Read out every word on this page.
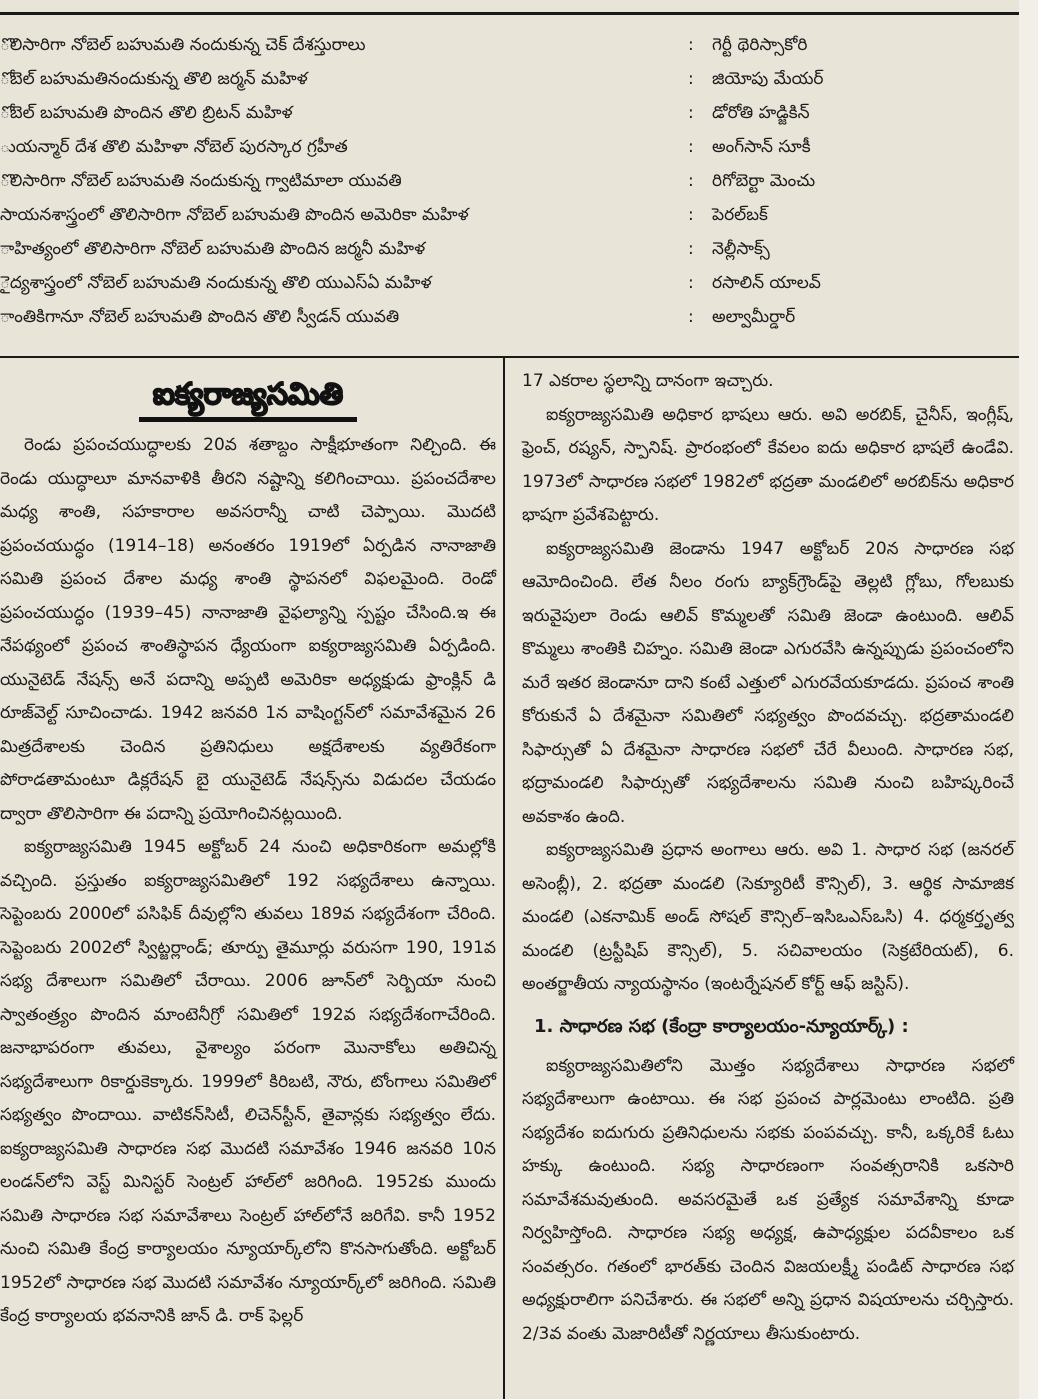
ొలిసారిగా నోబెల్ బహుమతి నందుకున్న చెక్ దేశస్తురాలు	: గెర్టీ థెరిస్సాకోరి
ోబెల్ బహుమతినందుకున్న తొలి జర్మన్ మహిళ	: జియోపు మేయర్
ోబెల్ బహుమతి పొందిన తొలి బ్రిటన్ మహిళ	: డోరోతి హడ్జికిన్
ుయన్మార్ దేశ తొలి మహిళా నోబెల్ పురస్కార గ్రహీత	: అంగ్‌సాన్ సూకీ
ొలిసారిగా నోబెల్ బహుమతి నందుకున్న గ్వాటిమాలా యువతి	: రిగోబెర్టా మెంచు
సాయనశాస్త్రంలో తొలిసారిగా నోబెల్ బహుమతి పొందిన అమెరికా మహిళ	: పెరల్‌బక్
ాహిత్యంలో తొలిసారిగా నోబెల్ బహుమతి పొందిన జర్మనీ మహిళ	: నెల్లీసాక్స్
ైద్యశాస్త్రంలో నోబెల్ బహుమతి నందుకున్న తొలి యుఎస్ఏ మహిళ	: రసాలిన్ యాలవ్
ాంతికిగానూ నోబెల్ బహుమతి పొందిన తొలి స్వీడన్ యువతి	: అల్వామీర్డార్
ఐక్యరాజ్యసమితి

రెండు ప్రపంచయుద్ధాలకు 20వ శతాబ్దం సాక్షీభూతంగా నిల్చింది. ఈ రెండు యుద్ధాలూ మానవాళికి తీరని నష్టాన్ని కలిగించాయి. ప్రపంచదేశాల మధ్య శాంతి, సహకారాల అవసరాన్నీ చాటి చెప్పాయి. మొదటి ప్రపంచయుద్ధం (1914–18) అనంతరం 1919లో ఏర్పడిన నానాజాతి సమితి ప్రపంచ దేశాల మధ్య శాంతి స్థాపనలో విఫలమైంది. రెండో ప్రపంచయుద్ధం (1939–45) నానాజాతి వైఫల్యాన్ని స్పష్టం చేసింది.ఇ ఈ నేపథ్యంలో ప్రపంచ శాంతిస్థాపన ధ్యేయంగా ఐక్యరాజ్యసమితి ఏర్పడింది. యునైటెడ్ నేషన్స్ అనే పదాన్ని అప్పటి అమెరికా అధ్యక్షుడు ఫ్రాంక్లిన్ డి రూజ్‌వెల్ట్ సూచించాడు. 1942 జనవరి 1న వాషింగ్టన్‌లో సమావేశమైన 26 మిత్రదేశాలకు చెందిన ప్రతినిధులు అక్షదేశాలకు వ్యతిరేకంగా పోరాడతామంటూ డిక్లరేషన్ బై యునైటెడ్ నేషన్స్‌ను విడుదల చేయడం ద్వారా తొలిసారిగా ఈ పదాన్ని ప్రయోగించినట్లయింది.

ఐక్యరాజ్యసమితి 1945 అక్టోబర్ 24 నుంచి అధికారికంగా అమల్లోకి వచ్చింది. ప్రస్తుతం ఐక్యరాజ్యసమితిలో 192 సభ్యదేశాలు ఉన్నాయి. సెప్టెంబరు 2000లో పసిఫిక్ దీవుల్లోని తువలు 189వ సభ్యదేశంగా చేరింది. సెప్టెంబరు 2002లో స్విట్జర్లాండ్; తూర్పు తైమూర్లు వరుసగా 190, 191వ సభ్య దేశాలుగా సమితిలో చేరాయి. 2006 జూన్‌లో సెర్బియా నుంచి స్వాతంత్ర్యం పొందిన మాంటెనీగ్రో సమితిలో 192వ సభ్యదేశంగాచేరింది. జనాభాపరంగా తువలు, వైశాల్యం పరంగా మొనాకోలు అతిచిన్న సభ్యదేశాలుగా రికార్డుకెక్కారు. 1999లో కిరిబటి, నౌరు, టోంగాలు సమితిలో సభ్యత్వం పొందాయి. వాటికన్‌సిటీ, లిచెన్‌స్టీన్, తైవాన్లకు సభ్యత్వం లేదు. ఐక్యరాజ్యసమితి సాధారణ సభ మొదటి సమావేశం 1946 జనవరి 10న లండన్‌లోని వెస్ట్ మినిస్టర్ సెంట్రల్ హాల్‌లో జరిగింది. 1952కు ముందు సమితి సాధారణ సభ సమావేశాలు సెంట్రల్ హాల్‌లోనే జరిగేవి. కానీ 1952 నుంచి సమితి కేంద్ర కార్యాలయం న్యూయార్క్‌లోని కొనసాగుతోంది. అక్టోబర్ 1952లో సాధారణ సభ మొదటి సమావేశం న్యూయార్క్‌లో జరిగింది. సమితి కేంద్ర కార్యాలయ భవనానికి జాన్ డి. రాక్ ఫెల్లర్

17 ఎకరాల స్థలాన్ని దానంగా ఇచ్చారు.

ఐక్యరాజ్యసమితి అధికార భాషలు ఆరు. అవి అరబిక్, చైనీస్, ఇంగ్లీష్, ఫ్రెంచ్, రష్యన్, స్పానిష్. ప్రారంభంలో కేవలం ఐదు అధికార భాషలే ఉండేవి. 1973లో సాధారణ సభలో 1982లో భద్రతా మండలిలో అరబిక్‌ను అధికార భాషగా ప్రవేశపెట్టారు.

ఐక్యరాజ్యసమితి జెండాను 1947 అక్టోబర్ 20న సాధారణ సభ ఆమోదించింది. లేత నీలం రంగు బ్యాక్‌గ్రౌండ్‌పై తెల్లటి గ్లోబు, గోలబుకు ఇరువైపులా రెండు ఆలివ్ కొమ్మలతో సమితి జెండా ఉంటుంది. ఆలివ్ కొమ్మలు శాంతికి చిహ్నం. సమితి జెండా ఎగురవేసి ఉన్నప్పుడు ప్రపంచంలోని మరే ఇతర జెండానూ దాని కంటే ఎత్తులో ఎగురవేయకూడదు. ప్రపంచ శాంతి కోరుకునే ఏ దేశమైనా సమితిలో సభ్యత్వం పొందవచ్చు. భద్రతామండలి సిఫార్సుతో ఏ దేశమైనా సాధారణ సభలో చేరే వీలుంది. సాధారణ సభ, భద్రామండలి సిఫార్సుతో సభ్యదేశాలను సమితి నుంచి బహిష్కరించే అవకాశం ఉంది.

ఐక్యరాజ్యసమితి ప్రధాన అంగాలు ఆరు. అవి 1. సాధార సభ (జనరల్ అసెంబ్లీ), 2. భద్రతా మండలి (సెక్యూరిటీ కౌన్సిల్), 3. ఆర్థిక సామాజిక మండలి (ఎకనామిక్ అండ్ సోషల్ కౌన్సిల్–ఇసిఒఎస్ఒసి) 4. ధర్మకర్తృత్వ మండలి (ట్రస్టీషిప్ కౌన్సిల్), 5. సచివాలయం (సెక్రటేరియట్), 6. అంతర్జాతీయ న్యాయస్థానం (ఇంటర్నేషనల్ కోర్ట్ ఆఫ్ జస్టిస్).

1. సాధారణ సభ (కేంద్రా కార్యాలయం-న్యూయార్క్) :

ఐక్యరాజ్యసమితిలోని మొత్తం సభ్యదేశాలు సాధారణ సభలో సభ్యదేశాలుగా ఉంటాయి. ఈ సభ ప్రపంచ పార్లమెంటు లాంటిది. ప్రతి సభ్యదేశం ఐదుగురు ప్రతినిధులను సభకు పంపవచ్చు. కానీ, ఒక్కరికే ఓటు హక్కు ఉంటుంది. సభ్య సాధారణంగా సంవత్సరానికి ఒకసారి సమావేశమవుతుంది. అవసరమైతే ఒక ప్రత్యేక సమావేశాన్ని కూడా నిర్వహిస్తోంది. సాధారణ సభ్య అధ్యక్ష, ఉపాధ్యక్షుల పదవీకాలం ఒక సంవత్సరం. గతంలో భారత్‌కు చెందిన విజయలక్ష్మీ పండిట్ సాధారణ సభ అధ్యక్షురాలిగా పనిచేశారు. ఈ సభలో అన్ని ప్రధాన విషయాలను చర్చిస్తారు. 2/3వ వంతు మెజారిటీతో నిర్ణయాలు తీసుకుంటారు.
